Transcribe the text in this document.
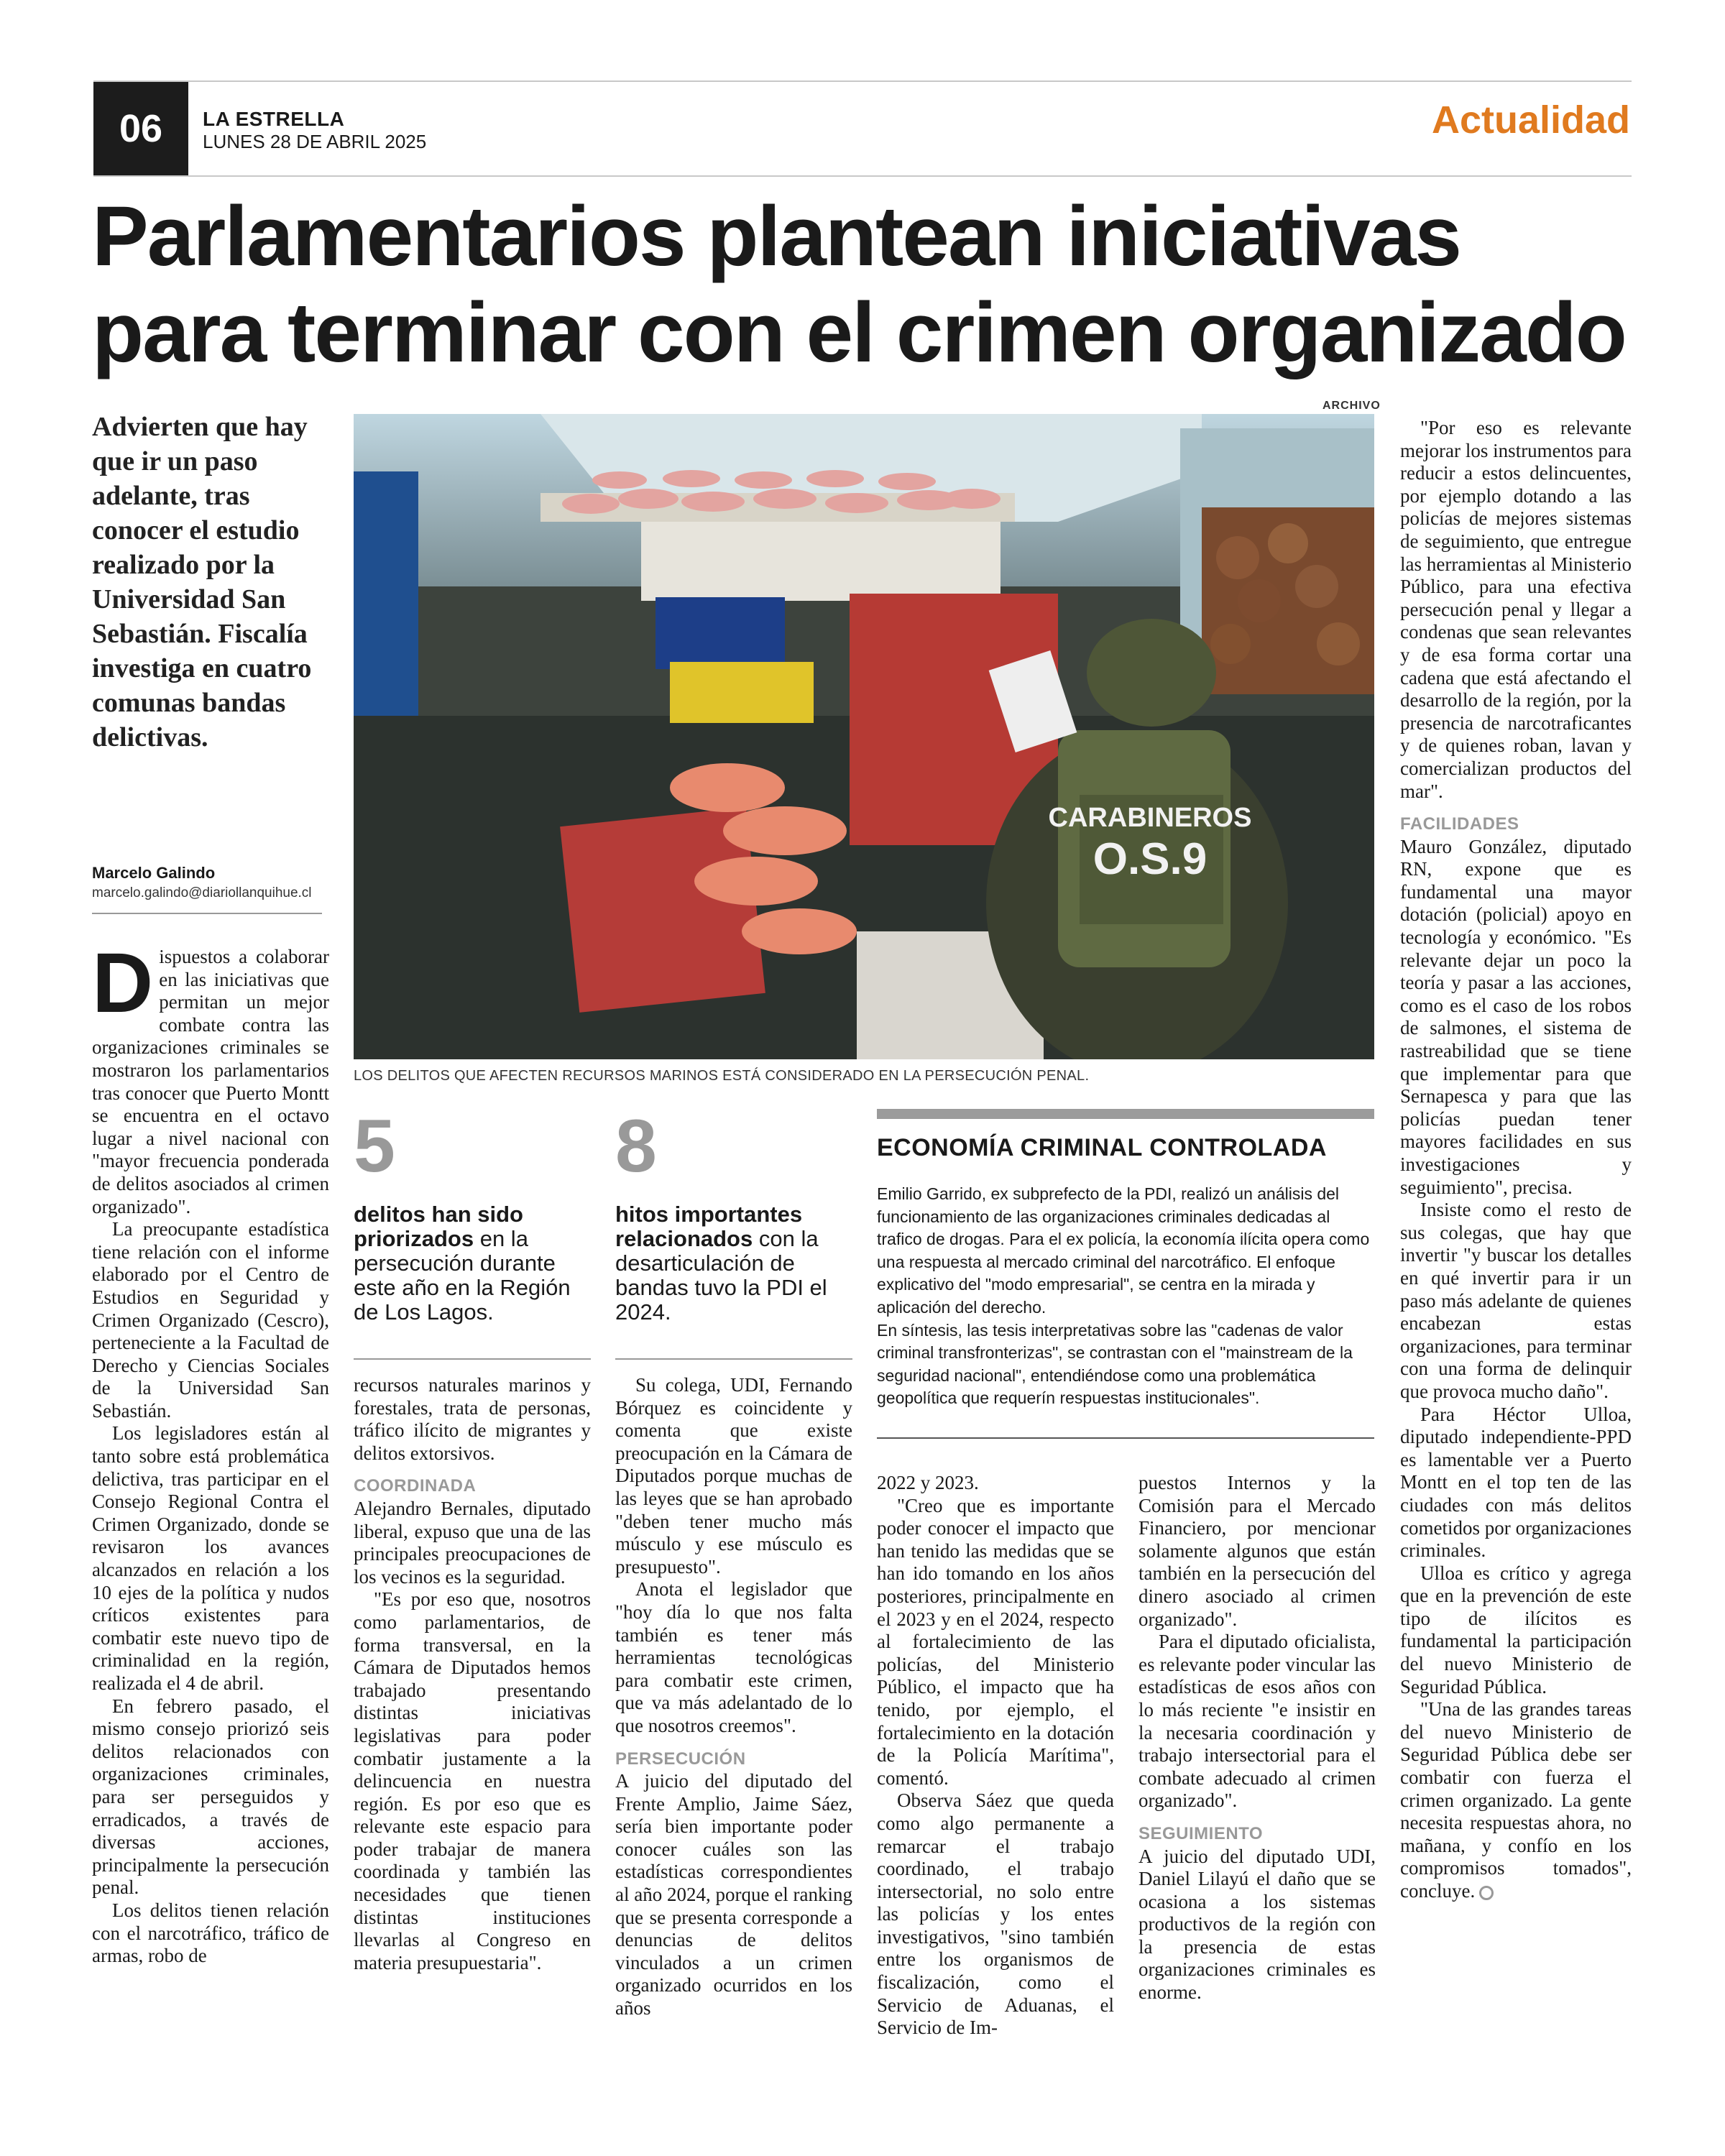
06	LA ESTRELLA
LUNES 28 DE ABRIL 2025	Actualidad
Parlamentarios plantean iniciativas para terminar con el crimen organizado
Advierten que hay que ir un paso adelante, tras conocer el estudio realizado por la Universidad San Sebastián. Fiscalía investiga en cuatro comunas bandas delictivas.
Marcelo Galindo
marcelo.galindo@diariollanquihue.cl
ARCHIVO
CARABINEROS
O.S.9
LOS DELITOS QUE AFECTEN RECURSOS MARINOS ESTÁ CONSIDERADO EN LA PERSECUCIÓN PENAL.

Dispuestos a colaborar en las iniciativas que permitan un mejor combate contra las organizaciones criminales se mostraron los parlamentarios tras conocer que Puerto Montt se encuentra en el octavo lugar a nivel nacional con "mayor frecuencia ponderada de delitos asociados al crimen organizado".

La preocupante estadística tiene relación con el informe elaborado por el Centro de Estudios en Seguridad y Crimen Organizado (Cescro), perteneciente a la Facultad de Derecho y Ciencias Sociales de la Universidad San Sebastián.

Los legisladores están al tanto sobre está problemática delictiva, tras participar en el Consejo Regional Contra el Crimen Organizado, donde se revisaron los avances alcanzados en relación a los 10 ejes de la política y nudos críticos existentes para combatir este nuevo tipo de criminalidad en la región, realizada el 4 de abril.

En febrero pasado, el mismo consejo priorizó seis delitos relacionados con organizaciones criminales, para ser perseguidos y erradicados, a través de diversas acciones, principalmente la persecución penal.

Los delitos tienen relación con el narcotráfico, tráfico de armas, robo de

5
delitos han sido priorizados en la persecución durante este año en la Región de Los Lagos.
8
hitos importantes relacionados con la desarticulación de bandas tuvo la PDI el 2024.

recursos naturales marinos y forestales, trata de personas, tráfico ilícito de migrantes y delitos extorsivos.

COORDINADA

Alejandro Bernales, diputado liberal, expuso que una de las principales preocupaciones de los vecinos es la seguridad.

"Es por eso que, nosotros como parlamentarios, de forma transversal, en la Cámara de Diputados hemos trabajado presentando distintas iniciativas legislativas para poder combatir justamente a la delincuencia en nuestra región. Es por eso que es relevante este espacio para poder trabajar de manera coordinada y también las necesidades que tienen distintas instituciones llevarlas al Congreso en materia presupuestaria".

Su colega, UDI, Fernando Bórquez es coincidente y comenta que existe preocupación en la Cámara de Diputados porque muchas de las leyes que se han aprobado "deben tener mucho más músculo y ese músculo es presupuesto".

Anota el legislador que "hoy día lo que nos falta también es tener más herramientas tecnológicas para combatir este crimen, que va más adelantado de lo que nosotros creemos".

PERSECUCIÓN

A juicio del diputado del Frente Amplio, Jaime Sáez, sería bien importante poder conocer cuáles son las estadísticas correspondientes al año 2024, porque el ranking que se presenta corresponde a denuncias de delitos vinculados a un crimen organizado ocurridos en los años

ECONOMÍA CRIMINAL CONTROLADA

Emilio Garrido, ex subprefecto de la PDI, realizó un análisis del funcionamiento de las organizaciones criminales dedicadas al trafico de drogas. Para el ex policía, la economía ilícita opera como una respuesta al mercado criminal del narcotráfico. El enfoque explicativo del "modo empresarial", se centra en la mirada y aplicación del derecho.

En síntesis, las tesis interpretativas sobre las "cadenas de valor criminal transfronterizas", se contrastan con el "mainstream de la seguridad nacional", entendiéndose como una problemática geopolítica que requerín respuestas institucionales".

2022 y 2023.

"Creo que es importante poder conocer el impacto que han tenido las medidas que se han ido tomando en los años posteriores, principalmente en el 2023 y en el 2024, respecto al fortalecimiento de las policías, del Ministerio Público, el impacto que ha tenido, por ejemplo, el fortalecimiento en la dotación de la Policía Marítima", comentó.

Observa Sáez que queda como algo permanente a remarcar el trabajo coordinado, el trabajo intersectorial, no solo entre las policías y los entes investigativos, "sino también entre los organismos de fiscalización, como el Servicio de Aduanas, el Servicio de Im-

puestos Internos y la Comisión para el Mercado Financiero, por mencionar solamente algunos que están también en la persecución del dinero asociado al crimen organizado".

Para el diputado oficialista, es relevante poder vincular las estadísticas de esos años con lo más reciente "e insistir en la necesaria coordinación y trabajo intersectorial para el combate adecuado al crimen organizado".

SEGUIMIENTO

A juicio del diputado UDI, Daniel Lilayú el daño que se ocasiona a los sistemas productivos de la región con la presencia de estas organizaciones criminales es enorme.

"Por eso es relevante mejorar los instrumentos para reducir a estos delincuentes, por ejemplo dotando a las policías de mejores sistemas de seguimiento, que entregue las herramientas al Ministerio Público, para una efectiva persecución penal y llegar a condenas que sean relevantes y de esa forma cortar una cadena que está afectando el desarrollo de la región, por la presencia de narcotraficantes y de quienes roban, lavan y comercializan productos del mar".

FACILIDADES

Mauro González, diputado RN, expone que es fundamental una mayor dotación (policial) apoyo en tecnología y económico. "Es relevante dejar un poco la teoría y pasar a las acciones, como es el caso de los robos de salmones, el sistema de rastreabilidad que se tiene que implementar para que Sernapesca y para que las policías puedan tener mayores facilidades en sus investigaciones y seguimiento", precisa.

Insiste como el resto de sus colegas, que hay que invertir "y buscar los detalles en qué invertir para ir un paso más adelante de quienes encabezan estas organizaciones, para terminar con una forma de delinquir que provoca mucho daño".

Para Héctor Ulloa, diputado independiente-PPD es lamentable ver a Puerto Montt en el top ten de las ciudades con más delitos cometidos por organizaciones criminales.

Ulloa es crítico y agrega que en la prevención de este tipo de ilícitos es fundamental la participación del nuevo Ministerio de Seguridad Pública.

"Una de las grandes tareas del nuevo Ministerio de Seguridad Pública debe ser combatir con fuerza el crimen organizado. La gente necesita respuestas ahora, no mañana, y confío en los compromisos tomados", concluye.
